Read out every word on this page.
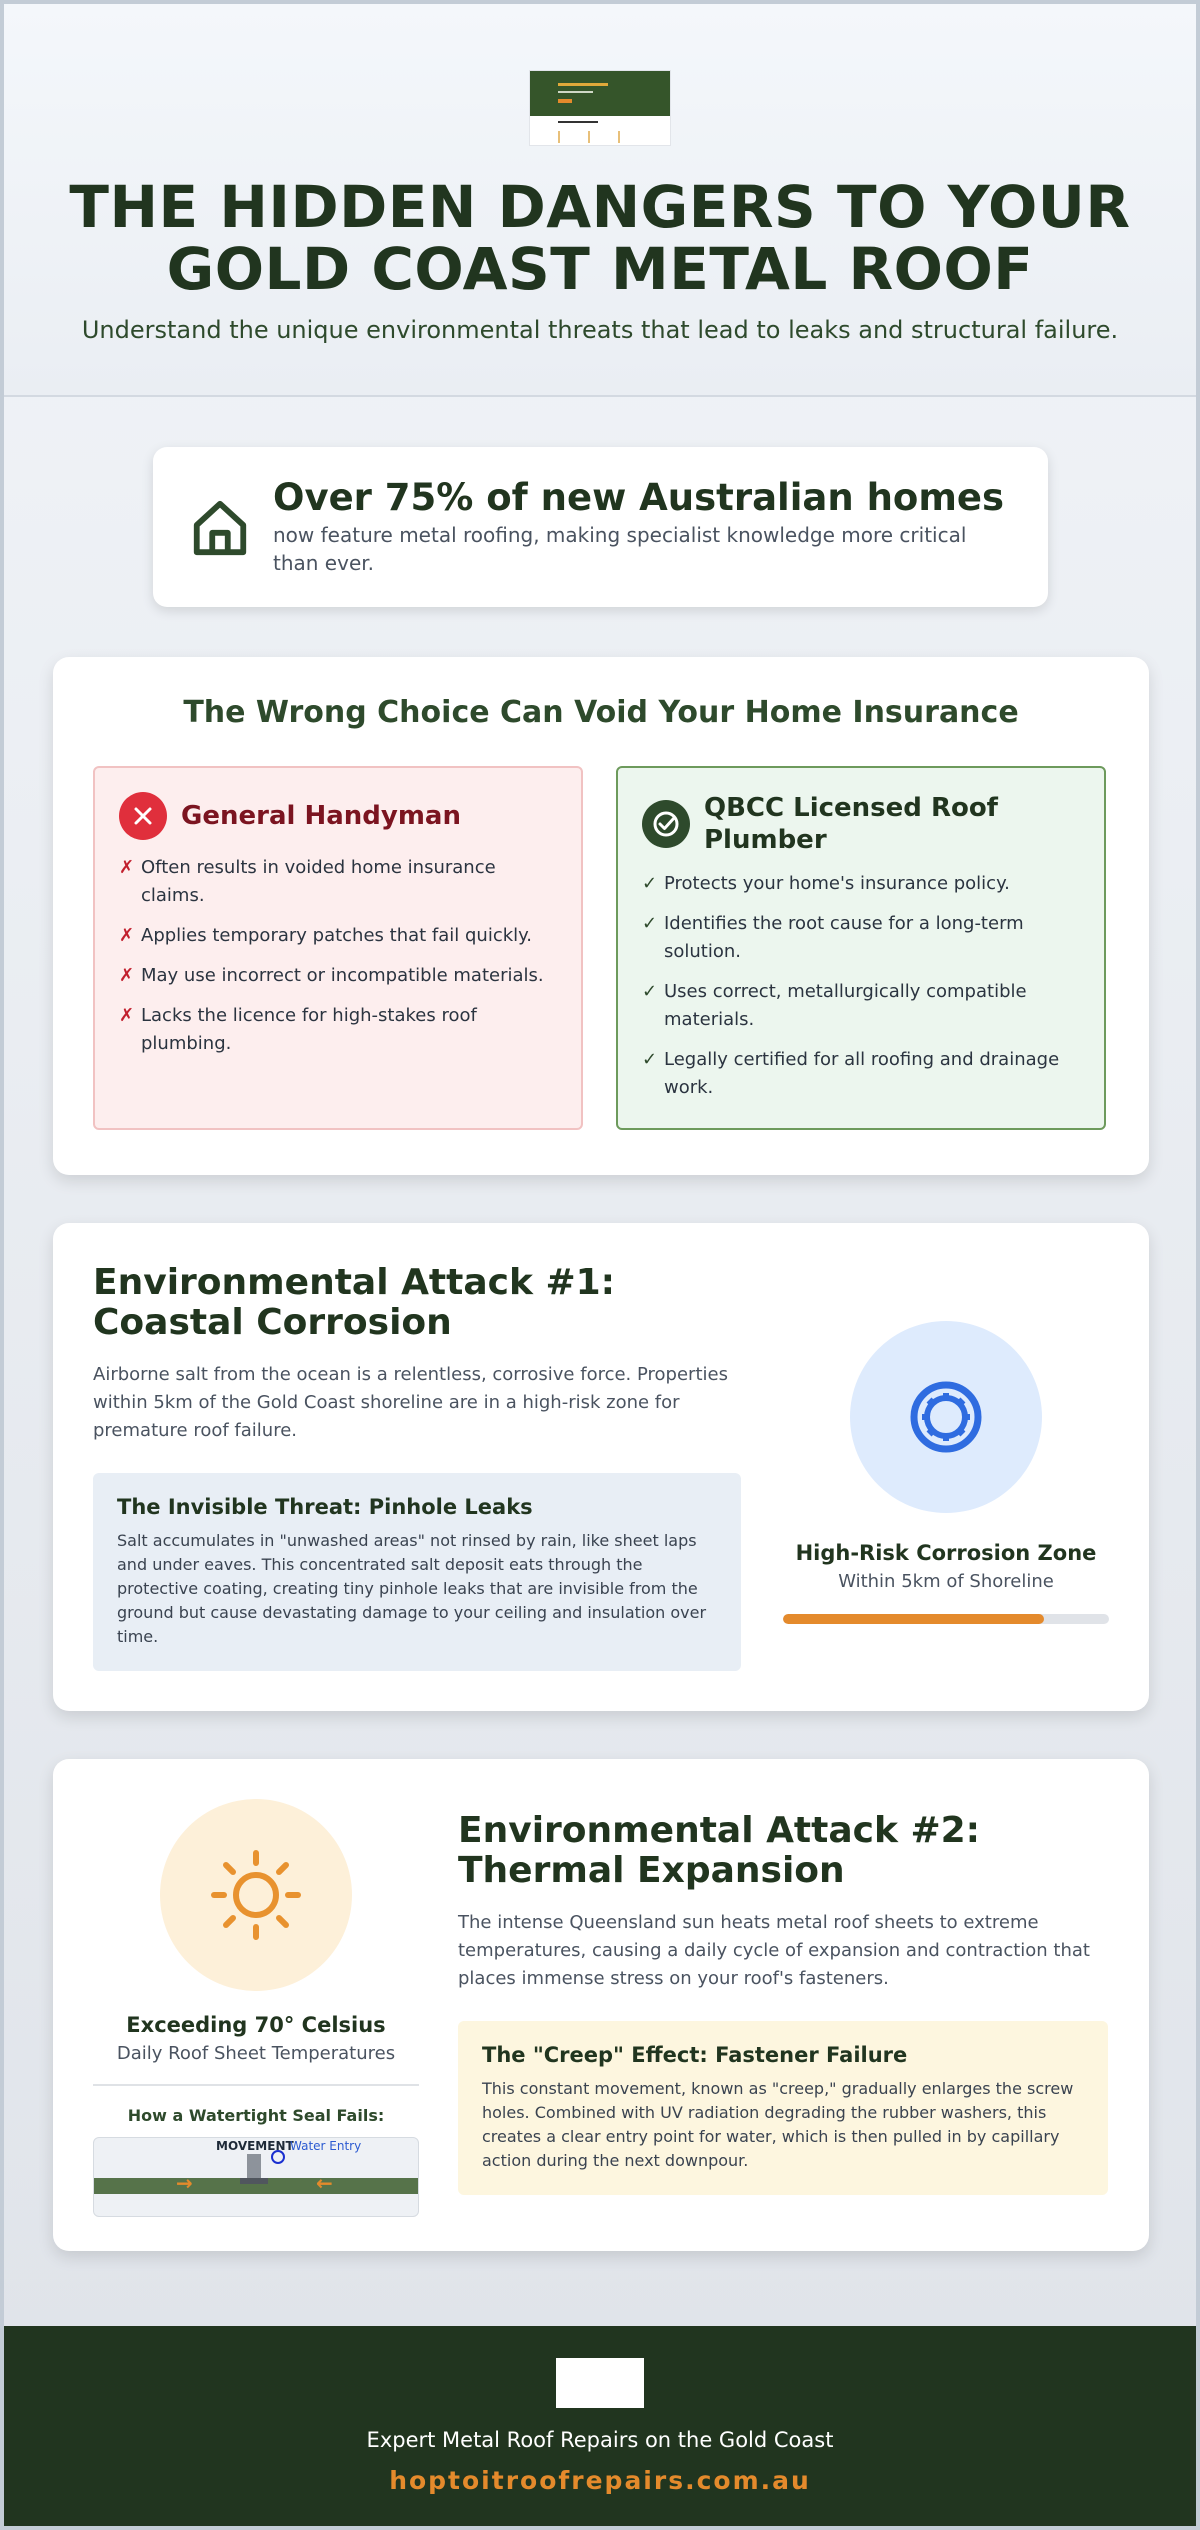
THE HIDDEN DANGERS TO YOUR GOLD COAST METAL ROOF

Understand the unique environmental threats that lead to leaks and structural failure.

Over 75% of new Australian homes
now feature metal roofing, making specialist knowledge more critical than ever.
The Wrong Choice Can Void Your Home Insurance
General Handyman
✗ Often results in voided home insurance claims.
✗ Applies temporary patches that fail quickly.
✗ May use incorrect or incompatible materials.
✗ Lacks the licence for high-stakes roof plumbing.
QBCC Licensed Roof Plumber
✓ Protects your home's insurance policy.
✓ Identifies the root cause for a long-term solution.
✓ Uses correct, metallurgically compatible materials.
✓ Legally certified for all roofing and drainage work.
Environmental Attack #1: Coastal Corrosion

Airborne salt from the ocean is a relentless, corrosive force. Properties within 5km of the Gold Coast shoreline are in a high-risk zone for premature roof failure.

The Invisible Threat: Pinhole Leaks
Salt accumulates in "unwashed areas" not rinsed by rain, like sheet laps and under eaves. This concentrated salt deposit eats through the protective coating, creating tiny pinhole leaks that are invisible from the ground but cause devastating damage to your ceiling and insulation over time.
High-Risk Corrosion Zone
Within 5km of Shoreline
Exceeding 70° Celsius
Daily Roof Sheet Temperatures
How a Watertight Seal Fails:
MOVEMENT
Water Entry
→	←
Environmental Attack #2: Thermal Expansion

The intense Queensland sun heats metal roof sheets to extreme temperatures, causing a daily cycle of expansion and contraction that places immense stress on your roof's fasteners.

The "Creep" Effect: Fastener Failure
This constant movement, known as "creep," gradually enlarges the screw holes. Combined with UV radiation degrading the rubber washers, this creates a clear entry point for water, which is then pulled in by capillary action during the next downpour.
Expert Metal Roof Repairs on the Gold Coast
hoptoitroofrepairs.com.au
